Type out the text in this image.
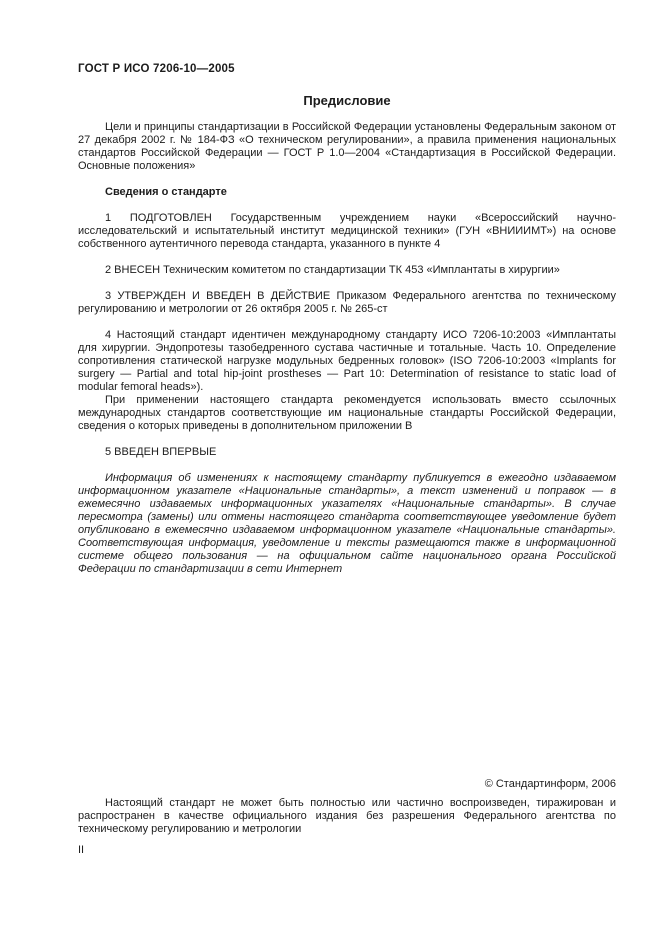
ГОСТ Р ИСО 7206-10—2005
Предисловие

Цели и принципы стандартизации в Российской Федерации установлены Федеральным законом от 27 декабря 2002 г. № 184-ФЗ «О техническом регулировании», а правила применения национальных стандартов Российской Федерации — ГОСТ Р 1.0—2004 «Стандартизация в Российской Федерации. Основные положения»

Сведения о стандарте

1 ПОДГОТОВЛЕН Государственным учреждением науки «Всероссийский научно-исследовательский и испытательный институт медицинской техники» (ГУН «ВНИИИМТ») на основе собственного аутентичного перевода стандарта, указанного в пункте 4

2 ВНЕСЕН Техническим комитетом по стандартизации ТК 453 «Имплантаты в хирургии»

3 УТВЕРЖДЕН И ВВЕДЕН В ДЕЙСТВИЕ Приказом Федерального агентства по техническому регулированию и метрологии от 26 октября 2005 г. № 265-ст

4 Настоящий стандарт идентичен международному стандарту ИСО 7206-10:2003 «Имплантаты для хирургии. Эндопротезы тазобедренного сустава частичные и тотальные. Часть 10. Определение сопротивления статической нагрузке модульных бедренных головок» (ISO 7206-10:2003 «Implants for surgery — Partial and total hip-joint prostheses — Part 10: Determination of resistance to static load of modular femoral heads»).

При применении настоящего стандарта рекомендуется использовать вместо ссылочных международных стандартов соответствующие им национальные стандарты Российской Федерации, сведения о которых приведены в дополнительном приложении В

5 ВВЕДЕН ВПЕРВЫЕ

Информация об изменениях к настоящему стандарту публикуется в ежегодно издаваемом информационном указателе «Национальные стандарты», а текст изменений и поправок — в ежемесячно издаваемых информационных указателях «Национальные стандарты». В случае пересмотра (замены) или отмены настоящего стандарта соответствующее уведомление будет опубликовано в ежемесячно издаваемом информационном указателе «Национальные стандарты». Соответствующая информация, уведомление и тексты размещаются также в информационной системе общего пользования — на официальном сайте национального органа Российской Федерации по стандартизации в сети Интернет

© Стандартинформ, 2006

Настоящий стандарт не может быть полностью или частично воспроизведен, тиражирован и распространен в качестве официального издания без разрешения Федерального агентства по техническому регулированию и метрологии

II
